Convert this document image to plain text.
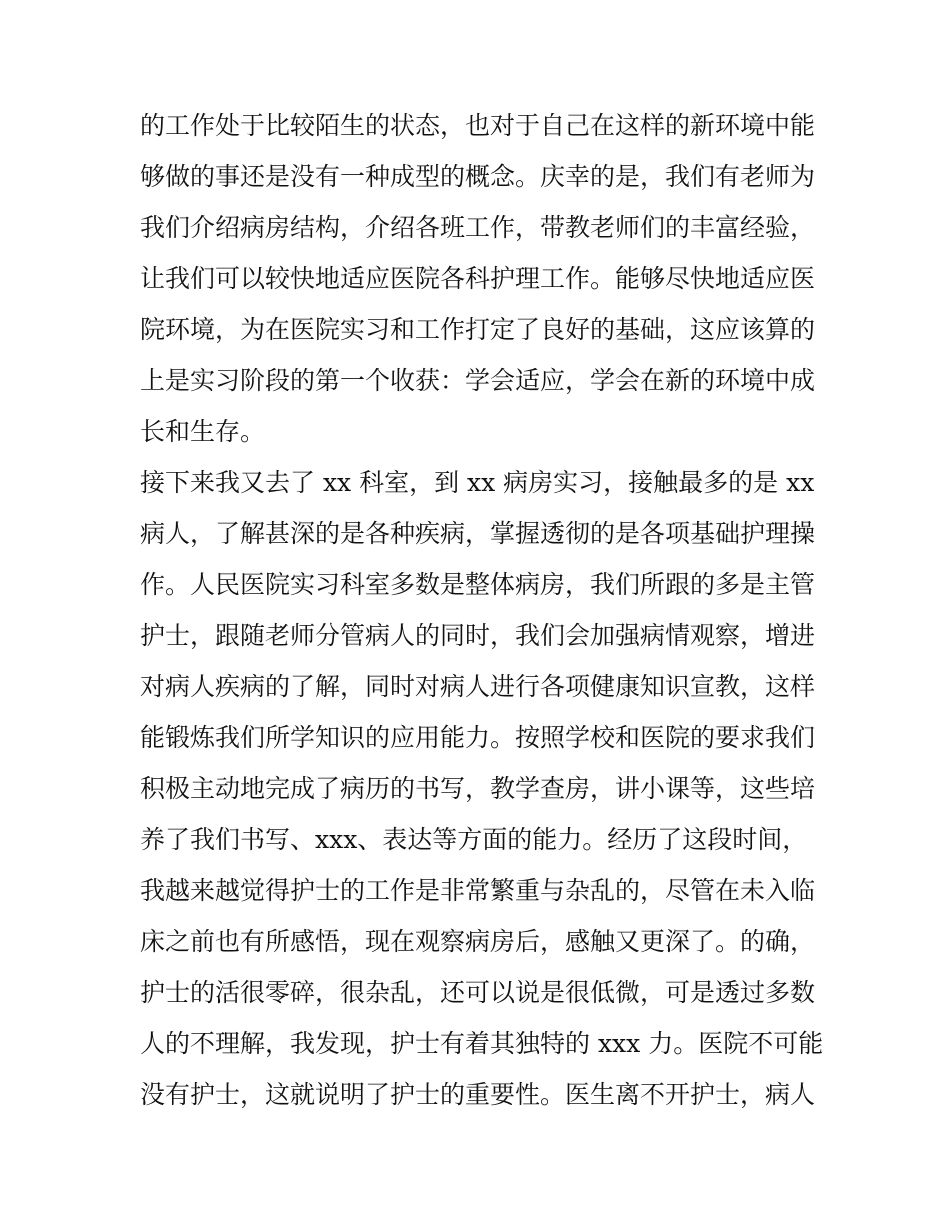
的工作处于比较陌生的状态，也对于自己在这样的新环境中能
够做的事还是没有一种成型的概念。庆幸的是，我们有老师为
我们介绍病房结构，介绍各班工作，带教老师们的丰富经验，
让我们可以较快地适应医院各科护理工作。能够尽快地适应医
院环境，为在医院实习和工作打定了良好的基础，这应该算的
上是实习阶段的第一个收获：学会适应，学会在新的环境中成
长和生存。
接下来我又去了 xx 科室，到 xx 病房实习，接触最多的是 xx
病人，了解甚深的是各种疾病，掌握透彻的是各项基础护理操
作。人民医院实习科室多数是整体病房，我们所跟的多是主管
护士，跟随老师分管病人的同时，我们会加强病情观察，增进
对病人疾病的了解，同时对病人进行各项健康知识宣教，这样
能锻炼我们所学知识的应用能力。按照学校和医院的要求我们
积极主动地完成了病历的书写，教学查房，讲小课等，这些培
养了我们书写、xxx、表达等方面的能力。经历了这段时间，
我越来越觉得护士的工作是非常繁重与杂乱的，尽管在未入临
床之前也有所感悟，现在观察病房后，感触又更深了。的确，
护士的活很零碎，很杂乱，还可以说是很低微，可是透过多数
人的不理解，我发现，护士有着其独特的 xxx 力。医院不可能
没有护士，这就说明了护士的重要性。医生离不开护士，病人
